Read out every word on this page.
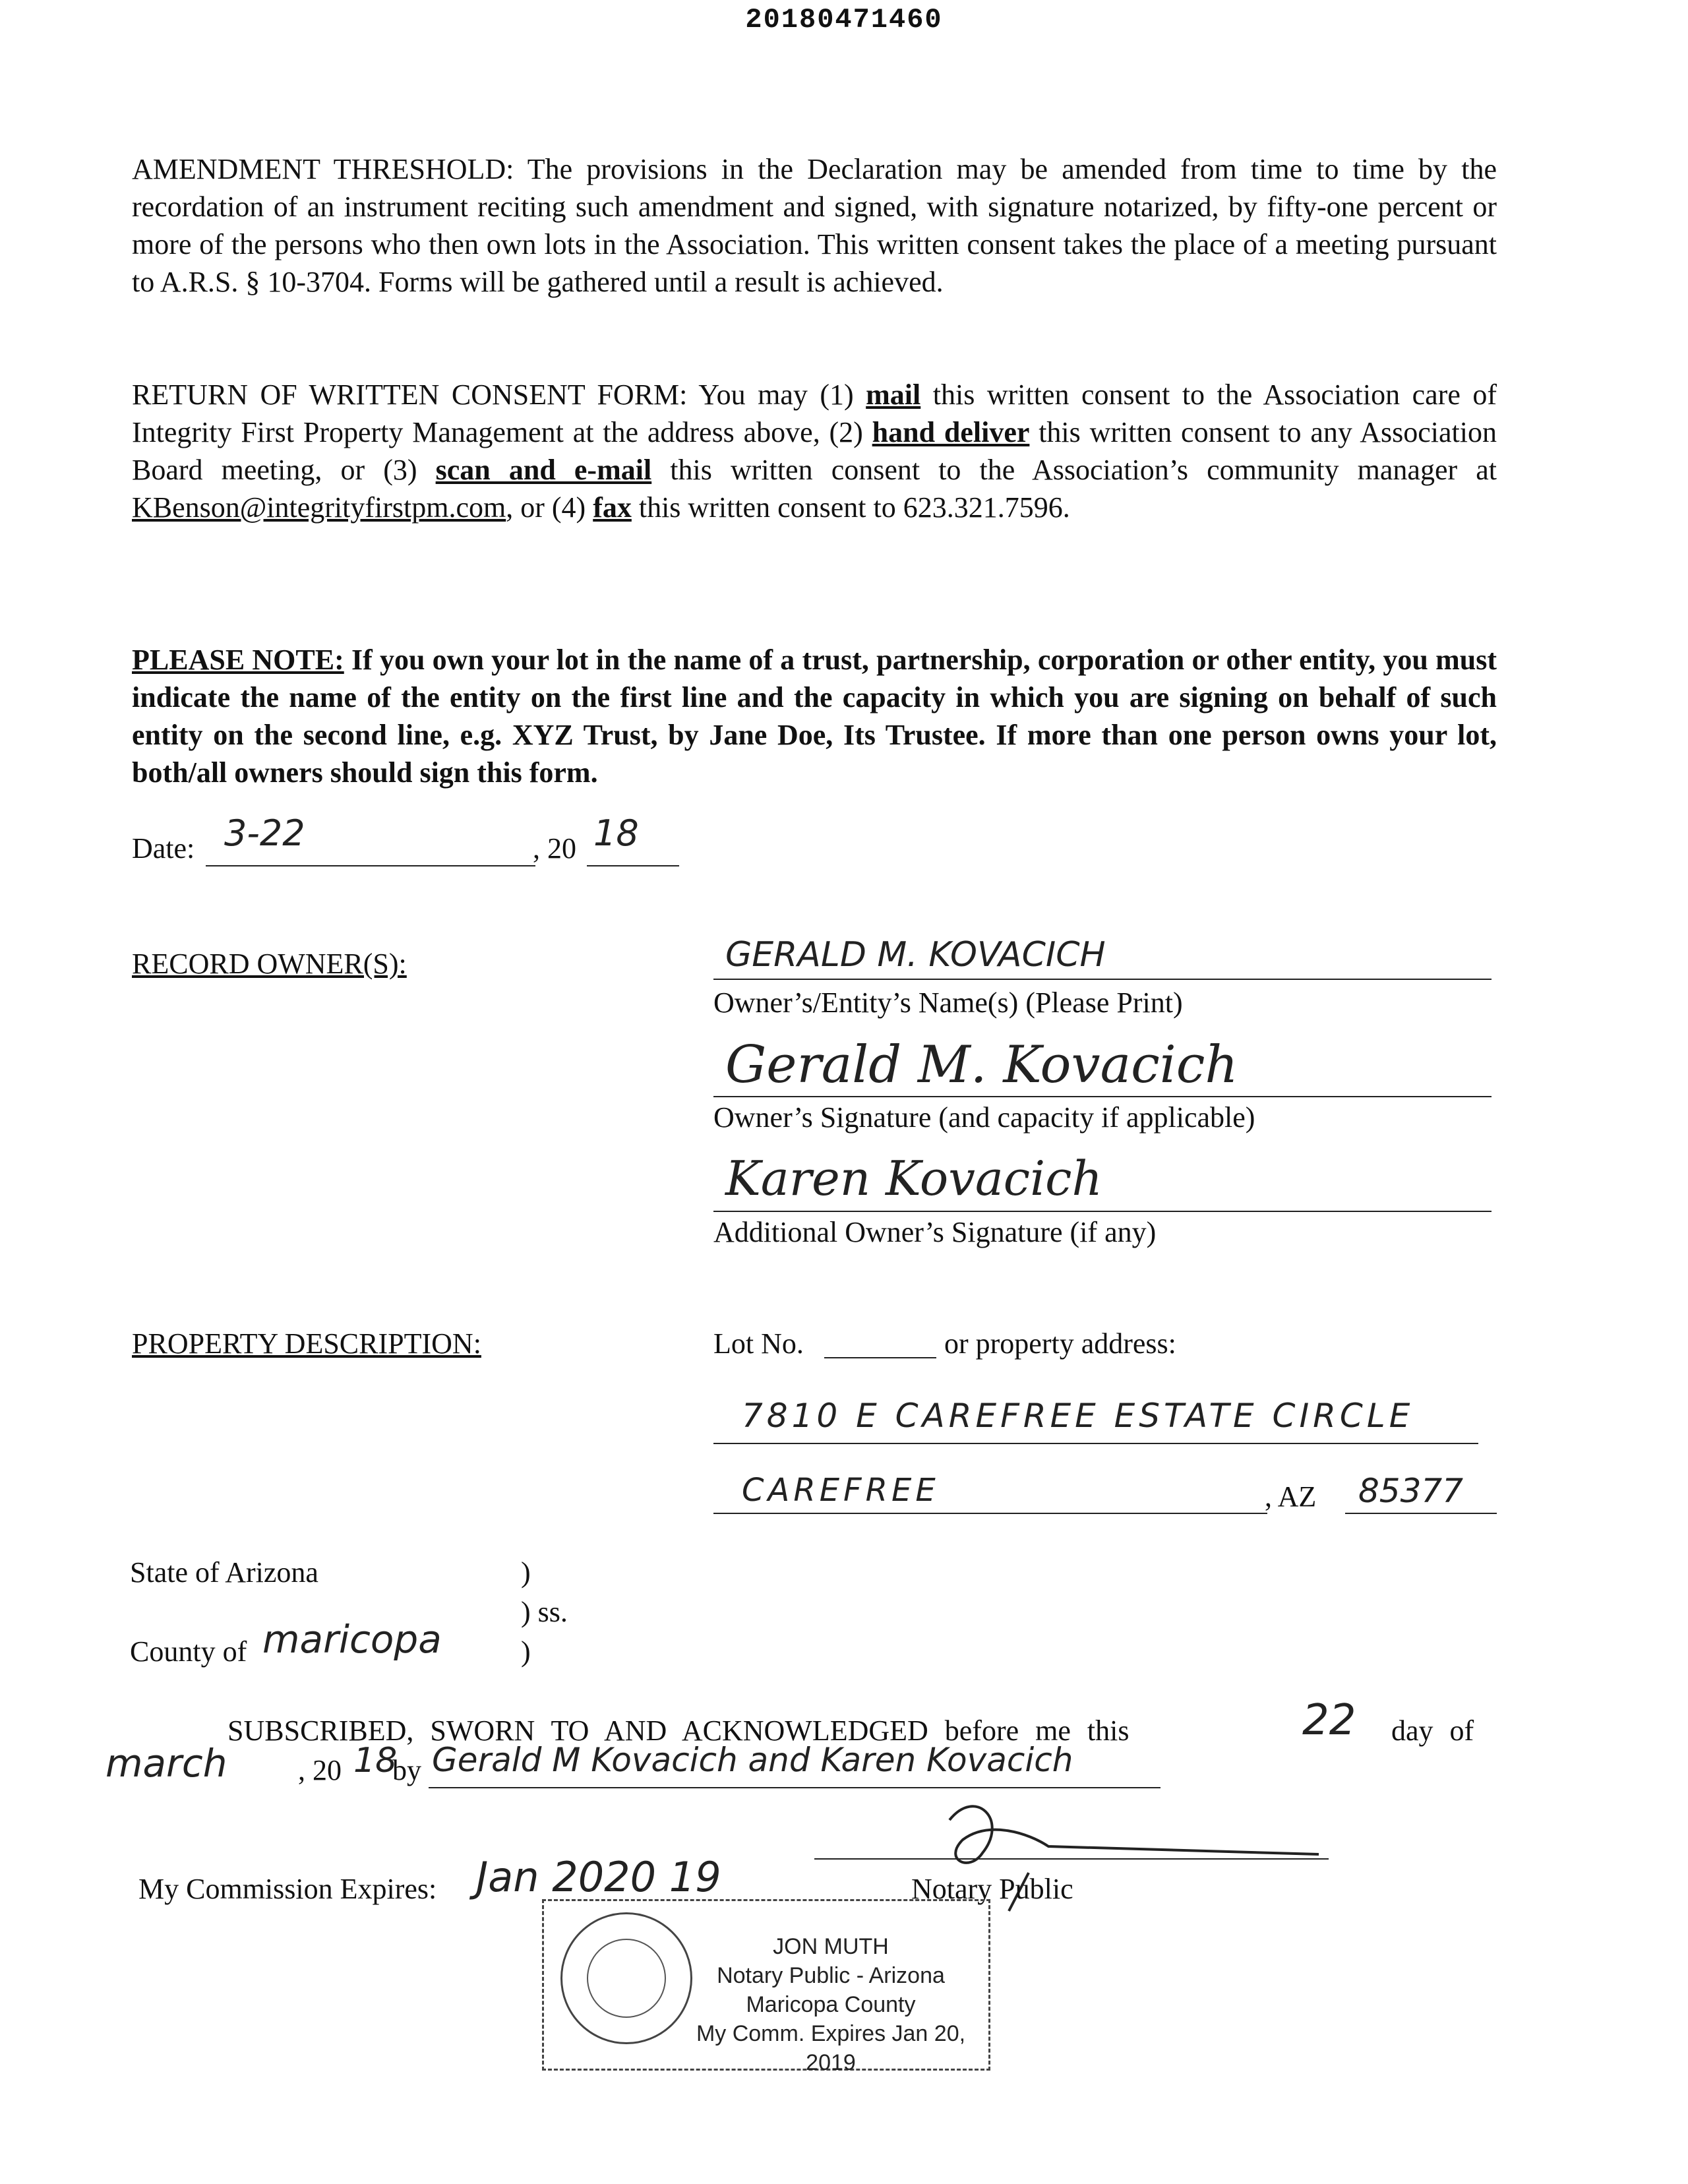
20180471460
AMENDMENT THRESHOLD: The provisions in the Declaration may be amended from time to time by the recordation of an instrument reciting such amendment and signed, with signature notarized, by fifty-one percent or more of the persons who then own lots in the Association. This written consent takes the place of a meeting pursuant to A.R.S. § 10-3704. Forms will be gathered until a result is achieved.
RETURN OF WRITTEN CONSENT FORM: You may (1) mail this written consent to the Association care of Integrity First Property Management at the address above, (2) hand deliver this written consent to any Association Board meeting, or (3) scan and e-mail this written consent to the Association’s community manager at KBenson@integrityfirstpm.com, or (4) fax this written consent to 623.321.7596.
PLEASE NOTE: If you own your lot in the name of a trust, partnership, corporation or other entity, you must indicate the name of the entity on the first line and the capacity in which you are signing on behalf of such entity on the second line, e.g. XYZ Trust, by Jane Doe, Its Trustee. If more than one person owns your lot, both/all owners should sign this form.
Date: 3-22	, 20 18
RECORD OWNER(S):	GERALD M. KOVACICH
Owner’s/Entity’s Name(s) (Please Print)
Gerald M. Kovacich
Owner’s Signature (and capacity if applicable)
Karen Kovacich
Additional Owner’s Signature (if any)
PROPERTY DESCRIPTION:	Lot No.	or property address:
7810 E CAREFREE ESTATE CIRCLE
CAREFREE	, AZ 85377
State of Arizona	)
) ss.
County of maricopa	)
SUBSCRIBED, SWORN TO AND ACKNOWLEDGED before me this	22 day of
march , 20 18
by Gerald M Kovacich and Karen Kovacich
My Commission Expires: Jan 2020 19	Notary Public
JON MUTH
Notary Public - Arizona
Maricopa County
My Comm. Expires Jan 20, 2019
